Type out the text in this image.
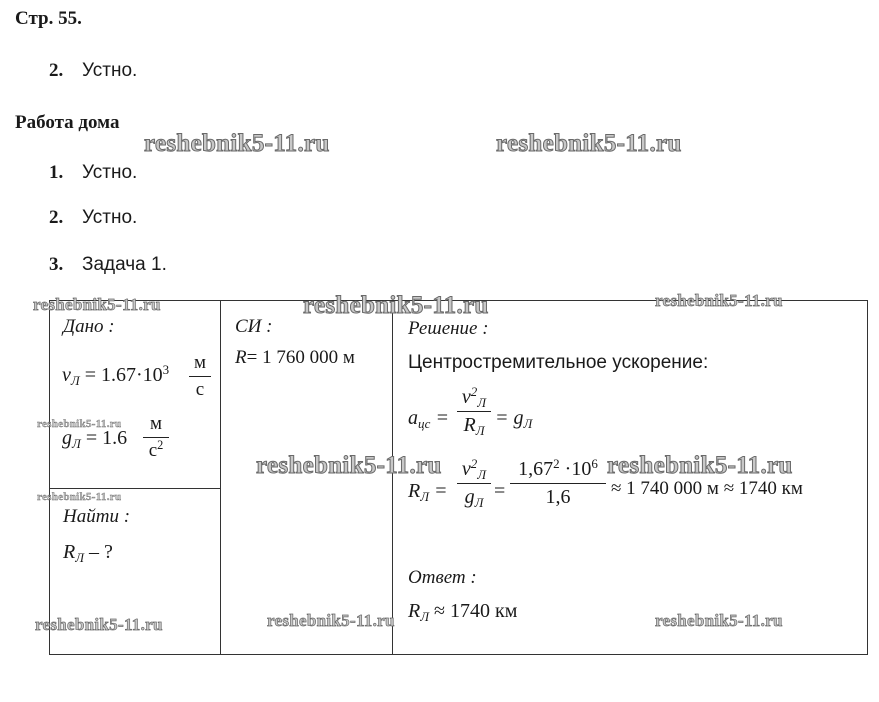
Стр. 55.
2. Устно.
Работа дома
1. Устно.
2. Устно.
3. Задача 1.
Дано :
$v_Л = 1.67\cdot 10^3$ м
с
$g_Л = 1.6$
м
$с^2$
Найти :
$R_Л$ – ?
СИ :
R= 1 760 000 м
Решение :
Центростремительное ускорение:
$a_{цс}$ =
$v^2_Л$
$R_Л$
= $g_Л$
$R_Л$ =
$v^2_Л$
$g_Л$
=
$1,67^2 \cdot 10^6$
1,6	≈ 1 740 000 м ≈ 1740 км
Ответ :
$R_Л \approx 1740$ км
reshebnik5-11.ru	reshebnik5-11.ru
reshebnik5-11.ru	reshebnik5-11.ru	reshebnik5-11.ru
reshebnik5-11.ru
reshebnik5-11.ru
reshebnik5-11.ru	reshebnik5-11.ru
reshebnik5-11.ru	reshebnik5-11.ru	reshebnik5-11.ru
